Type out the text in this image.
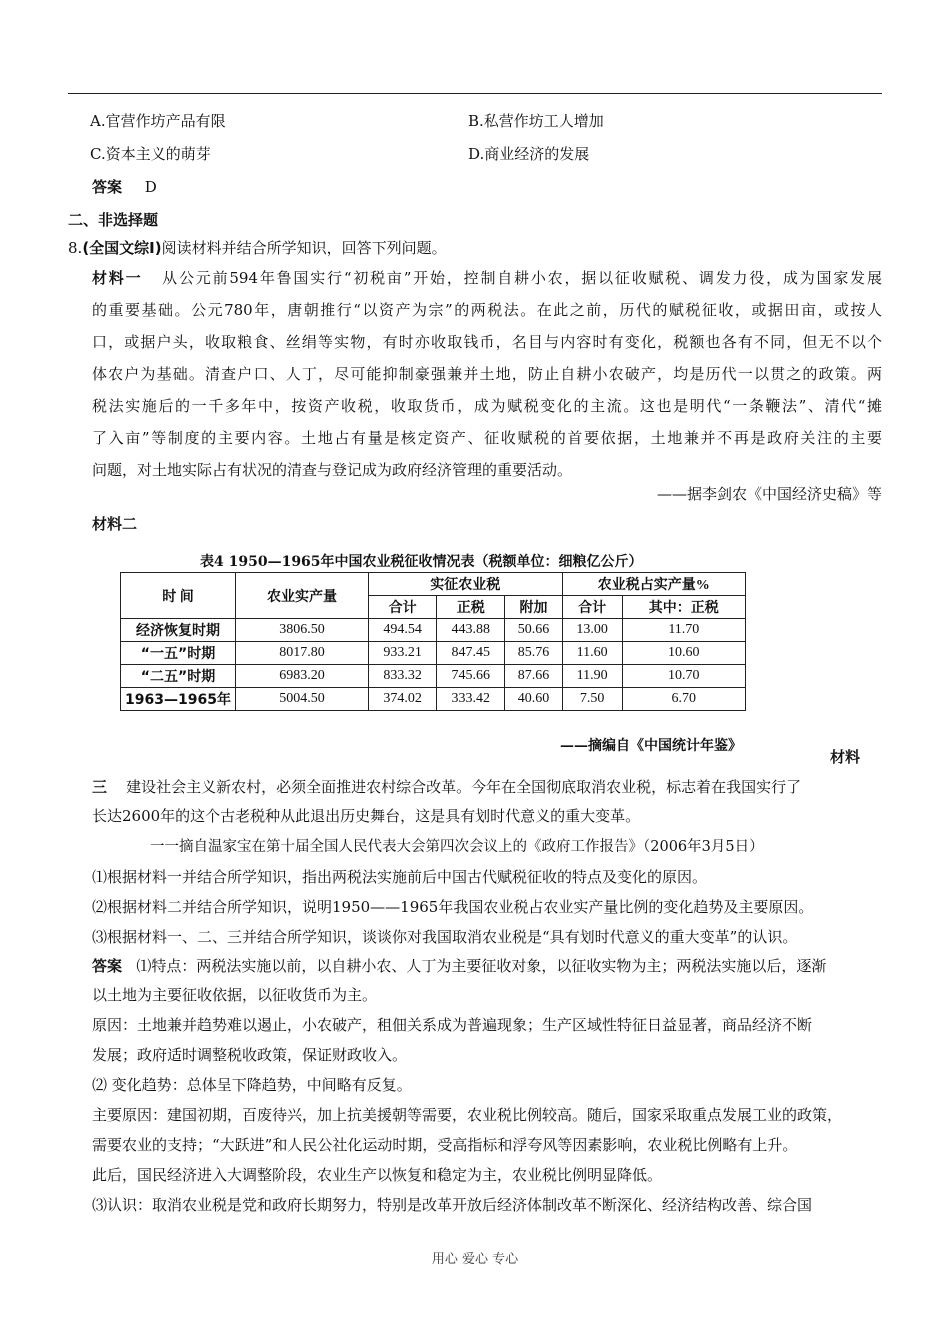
A.官营作坊产品有限	B.私营作坊工人增加
C.资本主义的萌芽	D.商业经济的发展
答案 D
二、非选择题
8.(全国文综Ⅰ)阅读材料并结合所学知识，回答下列问题。
材料一 从公元前594年鲁国实行“初税亩”开始，控制自耕小农，据以征收赋税、调发力役，成为国家发展
的重要基础。公元780年，唐朝推行“以资产为宗”的两税法。在此之前，历代的赋税征收，或据田亩，或按人
口，或据户头，收取粮食、丝绢等实物，有时亦收取钱币，名目与内容时有变化，税额也各有不同，但无不以个
体农户为基础。清查户口、人丁，尽可能抑制豪强兼并土地，防止自耕小农破产，均是历代一以贯之的政策。两
税法实施后的一千多年中，按资产收税，收取货币，成为赋税变化的主流。这也是明代“一条鞭法”、清代“摊
了入亩”等制度的主要内容。土地占有量是核定资产、征收赋税的首要依据，土地兼并不再是政府关注的主要
问题，对土地实际占有状况的清查与登记成为政府经济管理的重要活动。
——据李剑农《中国经济史稿》等
材料二
表4 1950—1965年中国农业税征收情况表（税额单位：细粮亿公斤）
时 间	农业实产量	实征农业税			农业税占实产量%	
		合计	正税	附加	合计	其中：正税
经济恢复时期	3806.50	494.54	443.88	50.66	13.00	11.70
“一五”时期	8017.80	933.21	847.45	85.76	11.60	10.60
“二五”时期	6983.20	833.32	745.66	87.66	11.90	10.70
1963—1965年	5004.50	374.02	333.42	40.60	7.50	6.70
——摘编自《中国统计年鉴》
材料
三 建设社会主义新农村，必须全面推进农村综合改革。今年在全国彻底取消农业税，标志着在我国实行了
长达2600年的这个古老税种从此退出历史舞台，这是具有划时代意义的重大变革。
一一摘自温家宝在第十届全国人民代表大会第四次会议上的《政府工作报告》（2006年3月5日）
⑴根据材料一并结合所学知识，指出两税法实施前后中国古代赋税征收的特点及变化的原因。
⑵根据材料二并结合所学知识，说明1950——1965年我国农业税占农业实产量比例的变化趋势及主要原因。
⑶根据材料一、二、三并结合所学知识，谈谈你对我国取消农业税是“具有划时代意义的重大变革”的认识。
答案 ⑴特点：两税法实施以前，以自耕小农、人丁为主要征收对象，以征收实物为主；两税法实施以后，逐渐
以土地为主要征收依据，以征收货币为主。
原因：土地兼并趋势难以遏止，小农破产，租佃关系成为普遍现象；生产区域性特征日益显著，商品经济不断
发展；政府适时调整税收政策，保证财政收入。
⑵ 变化趋势：总体呈下降趋势，中间略有反复。
主要原因：建国初期，百废待兴，加上抗美援朝等需要，农业税比例较高。随后，国家采取重点发展工业的政策，
需要农业的支持；“大跃进”和人民公社化运动时期，受高指标和浮夸风等因素影响，农业税比例略有上升。
此后，国民经济进入大调整阶段，农业生产以恢复和稳定为主，农业税比例明显降低。
⑶认识：取消农业税是党和政府长期努力，特别是改革开放后经济体制改革不断深化、经济结构改善、综合国
用心 爱心 专心
